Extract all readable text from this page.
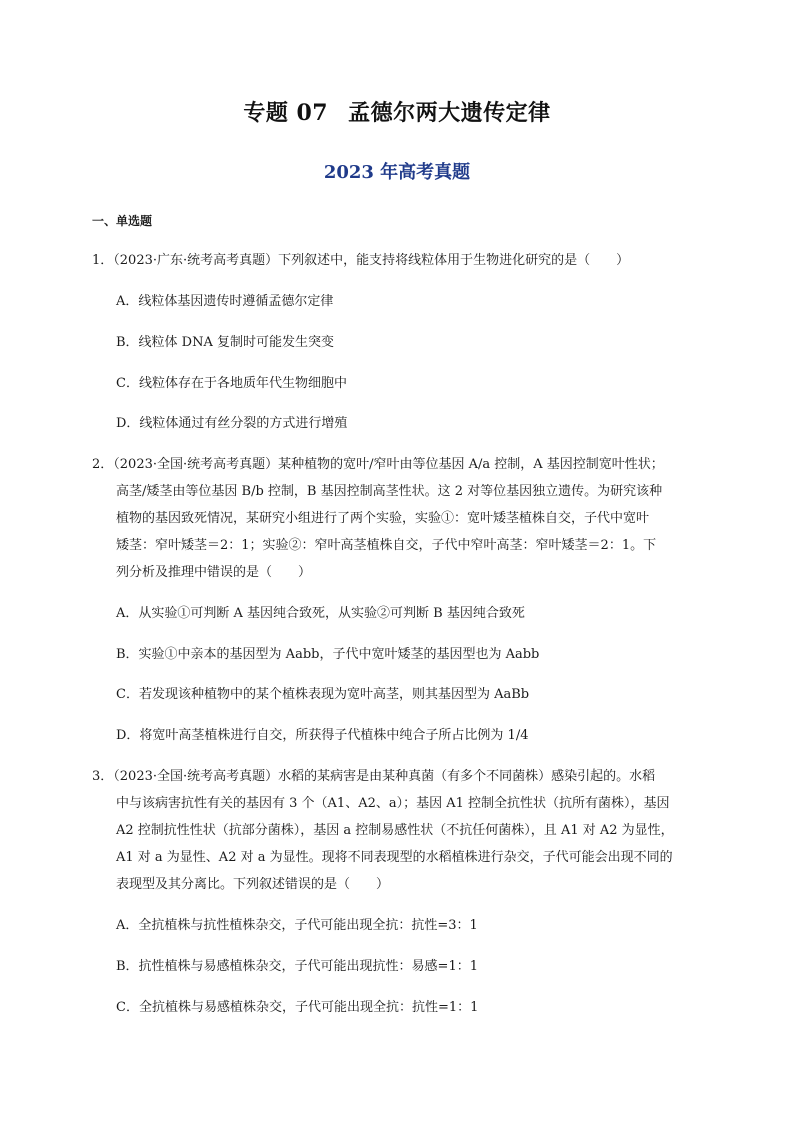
专题 07 孟德尔两大遗传定律
2023 年高考真题
一、单选题
1．（2023·广东·统考高考真题）下列叙述中，能支持将线粒体用于生物进化研究的是（　　）
A．线粒体基因遗传时遵循孟德尔定律
B．线粒体 DNA 复制时可能发生突变
C．线粒体存在于各地质年代生物细胞中
D．线粒体通过有丝分裂的方式进行增殖
2．（2023·全国·统考高考真题）某种植物的宽叶/窄叶由等位基因 A/a 控制，A 基因控制宽叶性状；
高茎/矮茎由等位基因 B/b 控制，B 基因控制高茎性状。这 2 对等位基因独立遗传。为研究该种
植物的基因致死情况，某研究小组进行了两个实验，实验①：宽叶矮茎植株自交，子代中宽叶
矮茎：窄叶矮茎＝2：1；实验②：窄叶高茎植株自交，子代中窄叶高茎：窄叶矮茎＝2：1。下
列分析及推理中错误的是（　　）
A．从实验①可判断 A 基因纯合致死，从实验②可判断 B 基因纯合致死
B．实验①中亲本的基因型为 Aabb，子代中宽叶矮茎的基因型也为 Aabb
C．若发现该种植物中的某个植株表现为宽叶高茎，则其基因型为 AaBb
D．将宽叶高茎植株进行自交，所获得子代植株中纯合子所占比例为 1/4
3．（2023·全国·统考高考真题）水稻的某病害是由某种真菌（有多个不同菌株）感染引起的。水稻
中与该病害抗性有关的基因有 3 个（A1、A2、a）；基因 A1 控制全抗性状（抗所有菌株），基因
A2 控制抗性性状（抗部分菌株），基因 a 控制易感性状（不抗任何菌株），且 A1 对 A2 为显性，
A1 对 a 为显性、A2 对 a 为显性。现将不同表现型的水稻植株进行杂交，子代可能会出现不同的
表现型及其分离比。下列叙述错误的是（　　）
A．全抗植株与抗性植株杂交，子代可能出现全抗：抗性=3：1
B．抗性植株与易感植株杂交，子代可能出现抗性：易感=1：1
C．全抗植株与易感植株杂交，子代可能出现全抗：抗性=1：1
